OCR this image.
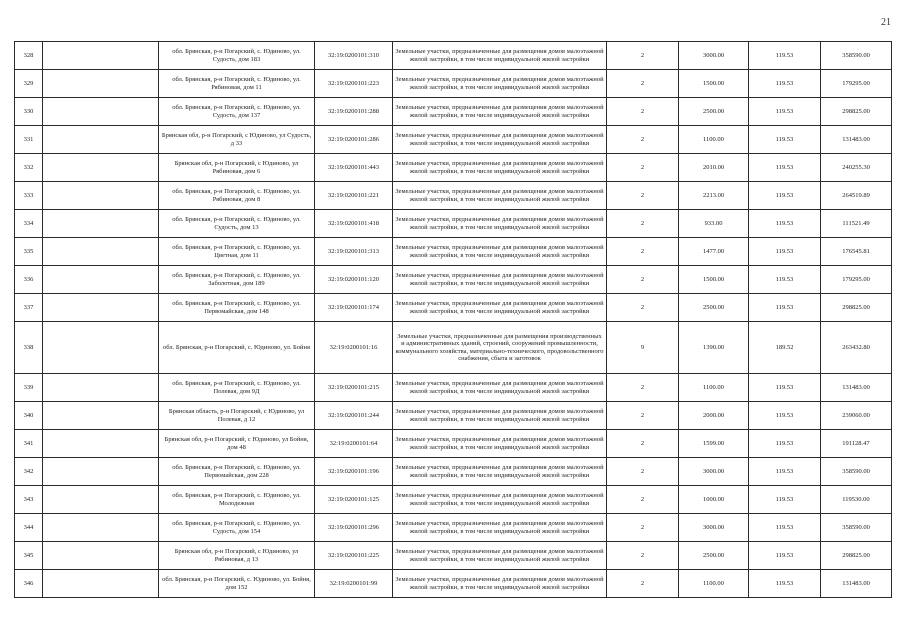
21
328		обл. Брянская, р-н Погарский, с. Юдиново, ул. Судость, дом 183	32:19:0200101:310	Земельные участки, предназначенные для размещения домов малоэтажной жилой застройки, в том числе индивидуальной жилой застройки	2	3000.00	119.53	358590.00
329		обл. Брянская, р-н Погарский, с. Юдиново, ул. Рябиновая, дом 11	32:19:0200101:223	Земельные участки, предназначенные для размещения домов малоэтажной жилой застройки, в том числе индивидуальной жилой застройки	2	1500.00	119.53	179295.00
330		обл. Брянская, р-н Погарский, с. Юдиново, ул. Судость, дом 137	32:19:0200101:288	Земельные участки, предназначенные для размещения домов малоэтажной жилой застройки, в том числе индивидуальной жилой застройки	2	2500.00	119.53	298825.00
331		Брянская обл, р-н Погарский, с Юдиново, ул Судость, д 33	32:19:0200101:286	Земельные участки, предназначенные для размещения домов малоэтажной жилой застройки, в том числе индивидуальной жилой застройки	2	1100.00	119.53	131483.00
332		Брянская обл, р-н Погарский, с Юдиново, ул Рябиновая, дом 6	32:19:0200101:443	Земельные участки, предназначенные для размещения домов малоэтажной жилой застройки, в том числе индивидуальной жилой застройки	2	2010.00	119.53	240255.30
333		обл. Брянская, р-н Погарский, с. Юдиново, ул. Рябиновая, дом 8	32:19:0200101:221	Земельные участки, предназначенные для размещения домов малоэтажной жилой застройки, в том числе индивидуальной жилой застройки	2	2213.00	119.53	264519.89
334		обл. Брянская, р-н Погарский, с. Юдиново, ул. Судость, дом 13	32:19:0200101:418	Земельные участки, предназначенные для размещения домов малоэтажной жилой застройки, в том числе индивидуальной жилой застройки	2	933.00	119.53	111521.49
335		обл. Брянская, р-н Погарский, с. Юдиново, ул. Цветная, дом 11	32:19:0200101:313	Земельные участки, предназначенные для размещения домов малоэтажной жилой застройки, в том числе индивидуальной жилой застройки	2	1477.00	119.53	176545.81
336		обл. Брянская, р-н Погарский, с. Юдиново, ул. Заболотная, дом 189	32:19:0200101:120	Земельные участки, предназначенные для размещения домов малоэтажной жилой застройки, в том числе индивидуальной жилой застройки	2	1500.00	119.53	179295.00
337		обл. Брянская, р-н Погарский, с. Юдиново, ул. Первомайская, дом 148	32:19:0200101:174	Земельные участки, предназначенные для размещения домов малоэтажной жилой застройки, в том числе индивидуальной жилой застройки	2	2500.00	119.53	298825.00
338		обл. Брянская, р-н Погарский, с. Юдиново, ул. Бойня	32:19:0200101:16	Земельные участки, предназначенные для размещения производственных и административных зданий, строений, сооружений промышленности, коммунального хозяйства, материально-технического, продовольственного снабжения, сбыта и заготовок	9	1390.00	189.52	263432.80
339		обл. Брянская, р-н Погарский, с. Юдиново, ул. Полевая, дом 9Д	32:19:0200101:215	Земельные участки, предназначенные для размещения домов малоэтажной жилой застройки, в том числе индивидуальной жилой застройки	2	1100.00	119.53	131483.00
340		Брянская область, р-н Погарский, с Юдиново, ул Полевая, д 12	32:19:0200101:244	Земельные участки, предназначенные для размещения домов малоэтажной жилой застройки, в том числе индивидуальной жилой застройки	2	2000.00	119.53	239060.00
341		Брянская обл, р-н Погарский, с Юдиново, ул Бойня, дом 48	32:19:0200101:64	Земельные участки, предназначенные для размещения домов малоэтажной жилой застройки, в том числе индивидуальной жилой застройки	2	1599.00	119.53	191128.47
342		обл. Брянская, р-н Погарский, с. Юдиново, ул. Первомайская, дом 228	32:19:0200101:196	Земельные участки, предназначенные для размещения домов малоэтажной жилой застройки, в том числе индивидуальной жилой застройки	2	3000.00	119.53	358590.00
343		обл. Брянская, р-н Погарский, с. Юдиново, ул. Молодежная	32:19:0200101:125	Земельные участки, предназначенные для размещения домов малоэтажной жилой застройки, в том числе индивидуальной жилой застройки	2	1000.00	119.53	119530.00
344		обл. Брянская, р-н Погарский, с. Юдиново, ул. Судость, дом 154	32:19:0200101:296	Земельные участки, предназначенные для размещения домов малоэтажной жилой застройки, в том числе индивидуальной жилой застройки	2	3000.00	119.53	358590.00
345		Брянская обл, р-н Погарский, с Юдиново, ул Рябиновая, д 13	32:19:0200101:225	Земельные участки, предназначенные для размещения домов малоэтажной жилой застройки, в том числе индивидуальной жилой застройки	2	2500.00	119.53	298825.00
346		обл. Брянская, р-н Погарский, с. Юдиново, ул. Бойня, дом 152	32:19:0200101:99	Земельные участки, предназначенные для размещения домов малоэтажной жилой застройки, в том числе индивидуальной жилой застройки	2	1100.00	119.53	131483.00
